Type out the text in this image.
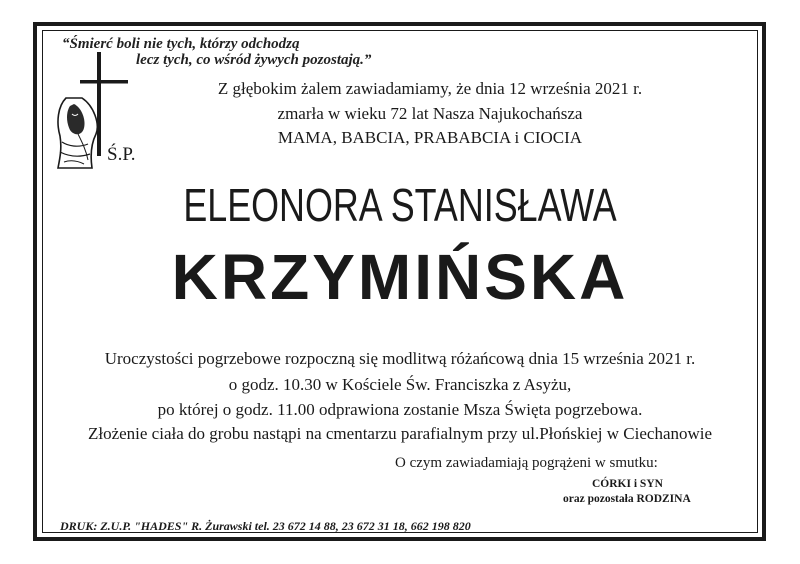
“Śmierć boli nie tych, którzy odchodzą
lecz tych, co wśród żywych pozostają.”
Z głębokim żalem zawiadamiamy, że dnia 12 września 2021 r.
zmarła w wieku 72 lat Nasza Najukochańsza
MAMA, BABCIA, PRABABCIA i CIOCIA
Ś.P.
ELEONORA STANISŁAWA
KRZYMIŃSKA
Uroczystości pogrzebowe rozpoczną się modlitwą różańcową dnia 15 września 2021 r.
o godz. 10.30 w Kościele Św. Franciszka z Asyżu,
po której o godz. 11.00 odprawiona zostanie Msza Święta pogrzebowa.
Złożenie ciała do grobu nastąpi na cmentarzu parafialnym przy ul.Płońskiej w Ciechanowie
O czym zawiadamiają pogrążeni w smutku:
CÓRKI i SYN
oraz pozostała RODZINA
DRUK: Z.U.P. "HADES" R. Żurawski tel. 23 672 14 88, 23 672 31 18, 662 198 820
